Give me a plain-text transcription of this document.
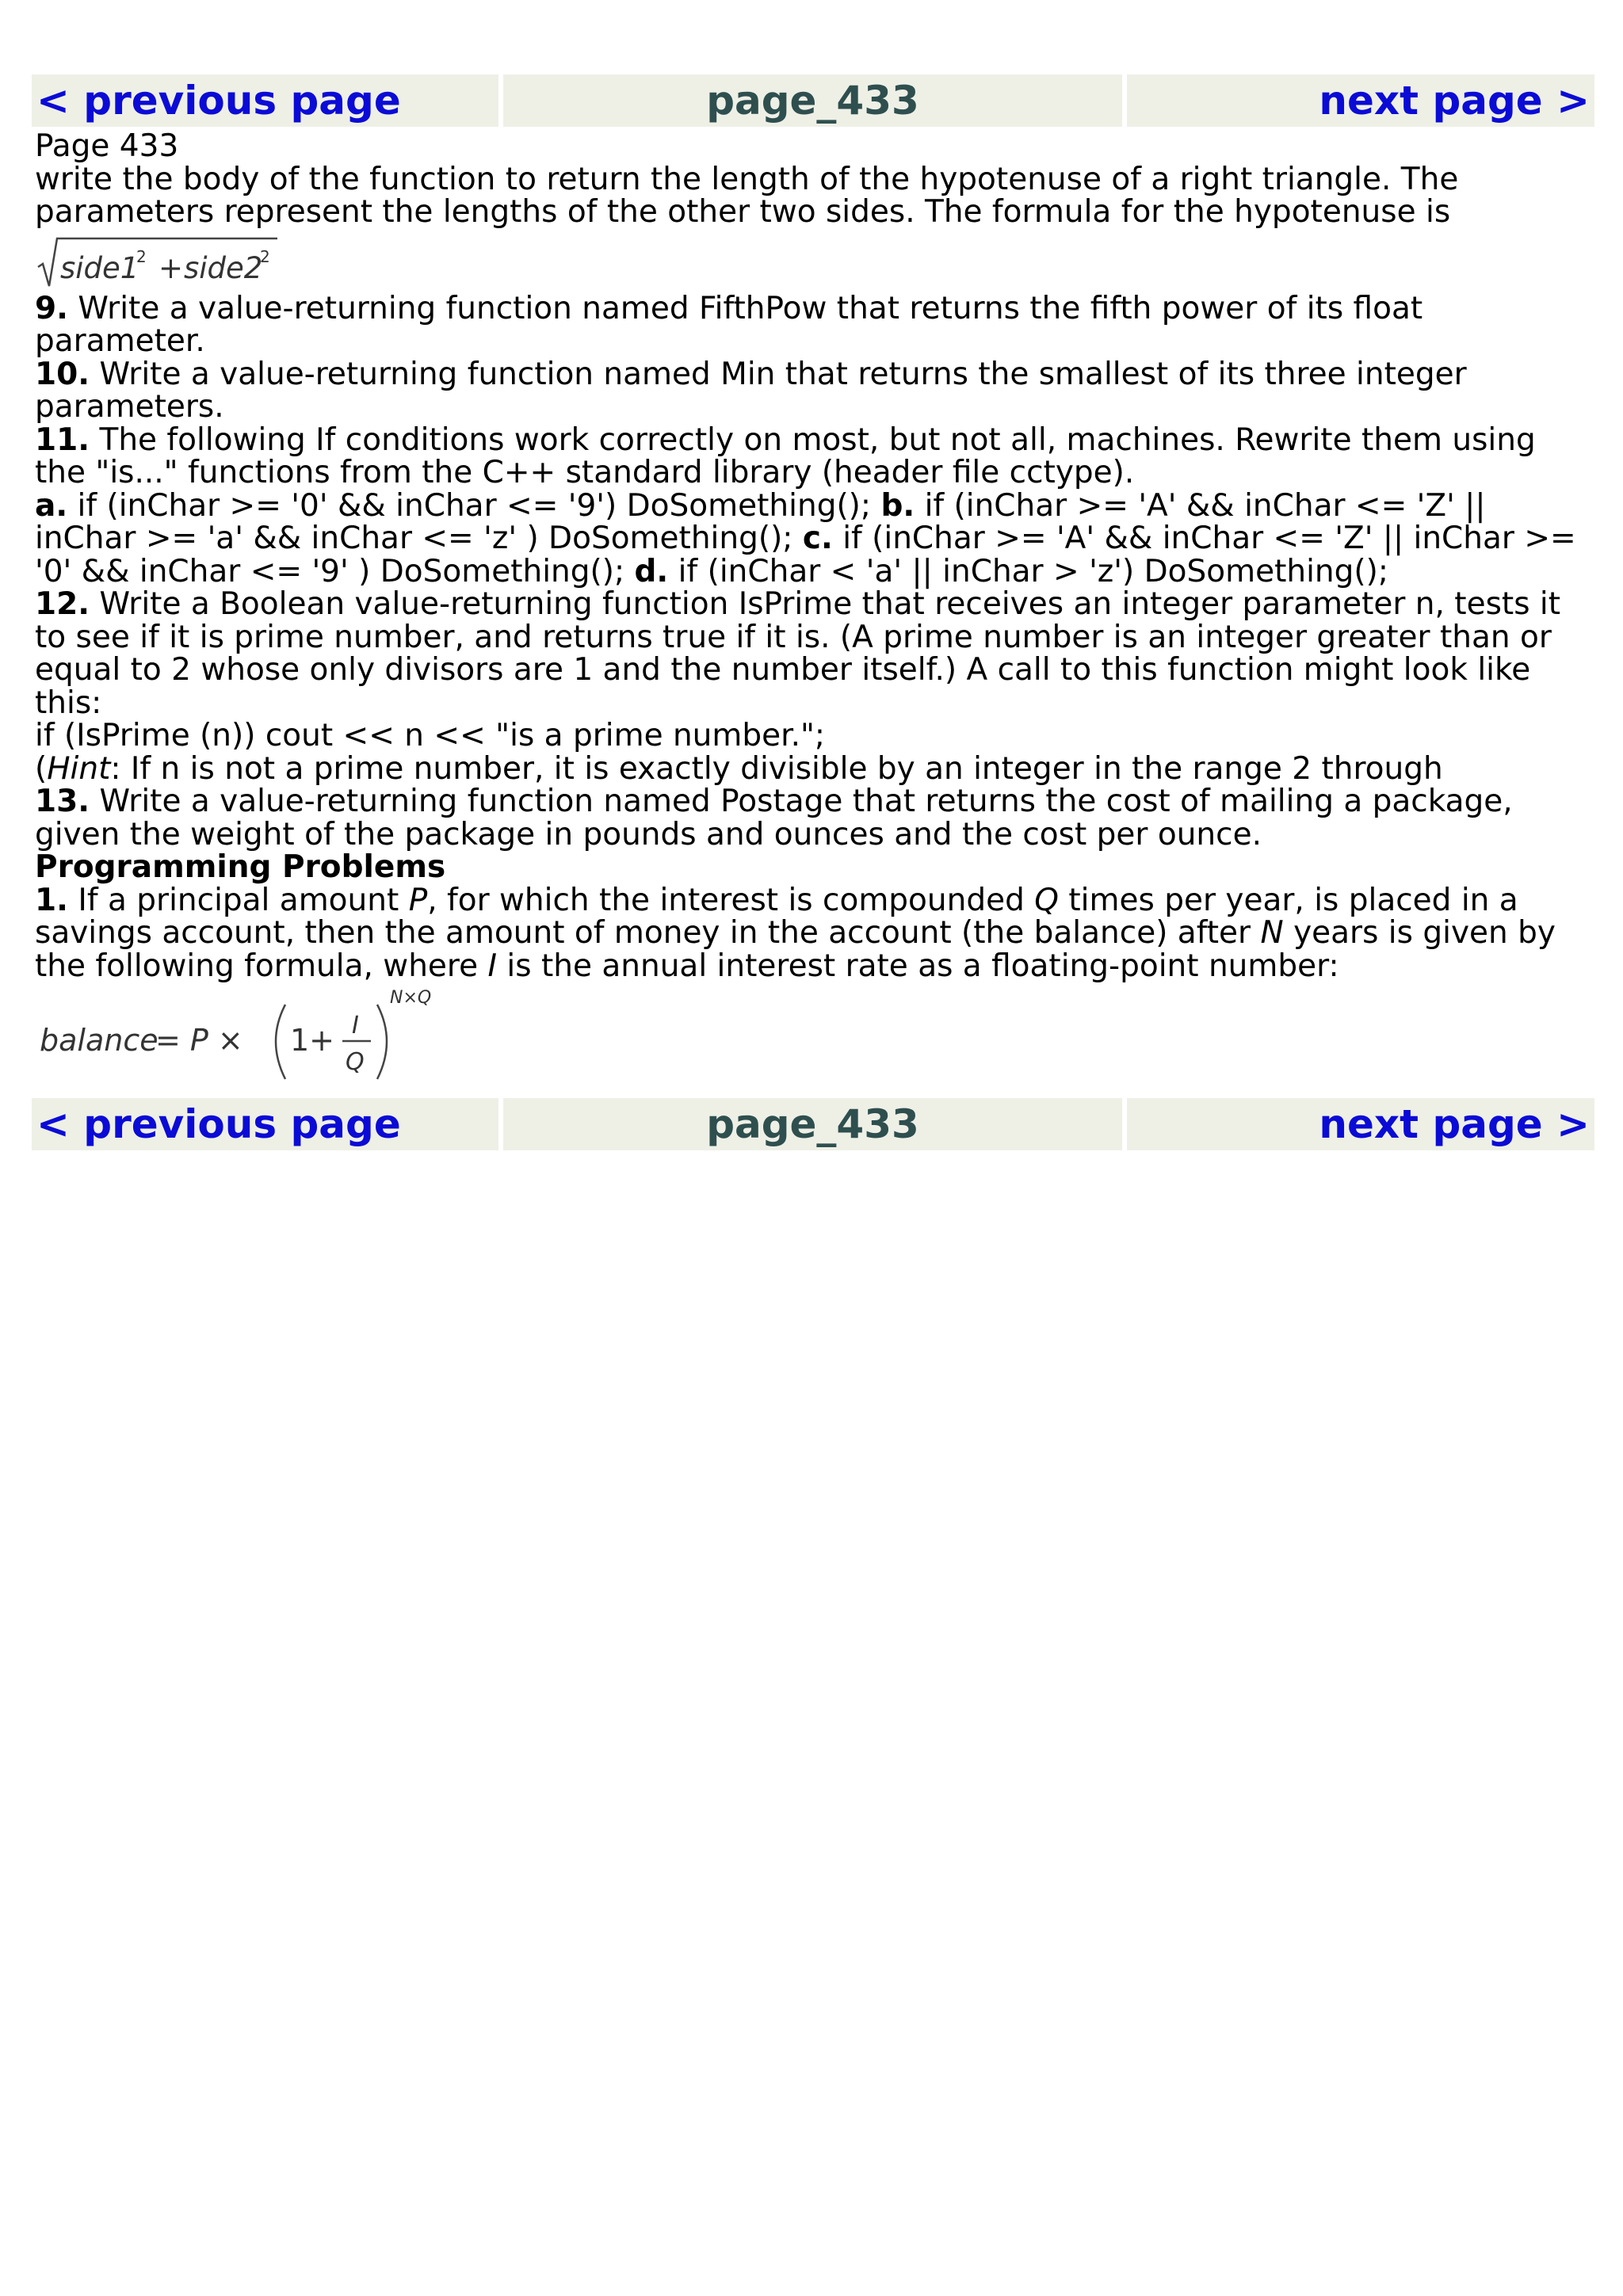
< previous page	page_433	next page >

Page 433

write the body of the function to return the length of the hypotenuse of a right triangle. The parameters represent the lengths of the other two sides. The formula for the hypotenuse is

side1
2 + side2
2

9. Write a value-returning function named FifthPow that returns the fifth power of its float parameter.

10. Write a value-returning function named Min that returns the smallest of its three integer parameters.

11. The following If conditions work correctly on most, but not all, machines. Rewrite them using the "is..." functions from the C++ standard library (header file cctype).

a. if (inChar >= '0' && inChar <= '9') DoSomething(); b. if (inChar >= 'A' && inChar <= 'Z' || inChar >= 'a' && inChar <= 'z' ) DoSomething(); c. if (inChar >= 'A' && inChar <= 'Z' || inChar >= '0' && inChar <= '9' ) DoSomething(); d. if (inChar < 'a' || inChar > 'z') DoSomething();

12. Write a Boolean value-returning function IsPrime that receives an integer parameter n, tests it to see if it is prime number, and returns true if it is. (A prime number is an integer greater than or equal to 2 whose only divisors are 1 and the number itself.) A call to this function might look like this:

if (IsPrime (n)) cout << n << "is a prime number.";

(Hint: If n is not a prime number, it is exactly divisible by an integer in the range 2 through

13. Write a value-returning function named Postage that returns the cost of mailing a package, given the weight of the package in pounds and ounces and the cost per ounce.

Programming Problems

1. If a principal amount P, for which the interest is compounded Q times per year, is placed in a savings account, then the amount of money in the account (the balance) after N years is given by the following formula, where I is the annual interest rate as a floating-point number:

balance
= P × 1+ I
Q
N×Q
< previous page	page_433	next page >
